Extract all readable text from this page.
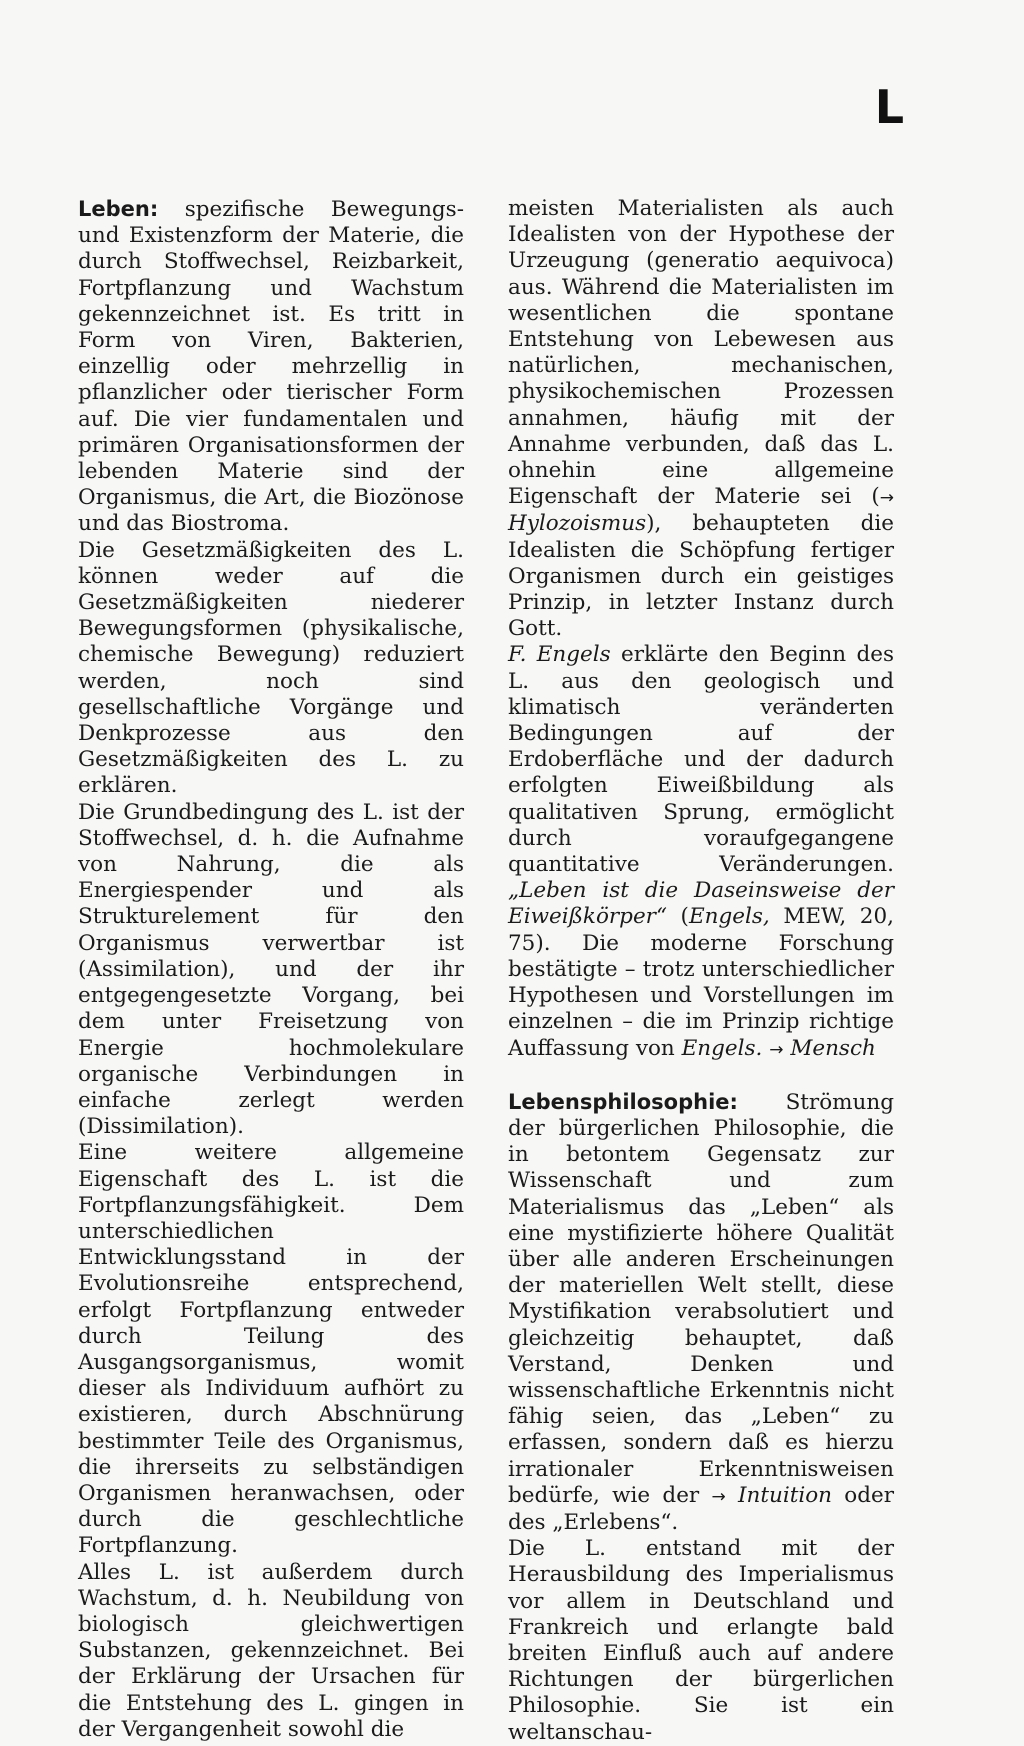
L

Leben: spezifische Bewegungs- und Existenzform der Materie, die durch Stoffwechsel, Reizbarkeit, Fortpflanzung und Wachstum gekennzeichnet ist. Es tritt in Form von Viren, Bakterien, einzellig oder mehrzellig in pflanzlicher oder tierischer Form auf. Die vier fundamentalen und primären Organisationsformen der lebenden Materie sind der Organismus, die Art, die Biozönose und das Biostroma.

Die Gesetzmäßigkeiten des L. können weder auf die Gesetzmäßigkeiten niederer Bewegungsformen (physikalische, chemische Bewegung) reduziert werden, noch sind gesellschaftliche Vorgänge und Denkprozesse aus den Gesetzmäßigkeiten des L. zu erklären.

Die Grundbedingung des L. ist der Stoffwechsel, d. h. die Aufnahme von Nahrung, die als Energiespender und als Strukturelement für den Organismus verwertbar ist (Assimilation), und der ihr entgegengesetzte Vorgang, bei dem unter Freisetzung von Energie hochmolekulare organische Verbindungen in einfache zerlegt werden (Dissimilation).

Eine weitere allgemeine Eigenschaft des L. ist die Fortpflanzungsfähigkeit. Dem unterschiedlichen Entwicklungsstand in der Evolutionsreihe entsprechend, erfolgt Fortpflanzung entweder durch Teilung des Ausgangsorganismus, womit dieser als Individuum aufhört zu existieren, durch Abschnürung bestimmter Teile des Organismus, die ihrerseits zu selbständigen Organismen heranwachsen, oder durch die geschlechtliche Fortpflanzung.

Alles L. ist außerdem durch Wachstum, d. h. Neubildung von biologisch gleichwertigen Substanzen, gekennzeichnet. Bei der Erklärung der Ursachen für die Entstehung des L. gingen in der Vergangenheit sowohl die

meisten Materialisten als auch Idealisten von der Hypothese der Urzeugung (generatio aequivoca) aus. Während die Materialisten im wesentlichen die spontane Entstehung von Lebewesen aus natürlichen, mechanischen, physikochemischen Prozessen annahmen, häufig mit der Annahme verbunden, daß das L. ohnehin eine allgemeine Eigenschaft der Materie sei (→ Hylozoismus), behaupteten die Idealisten die Schöpfung fertiger Organismen durch ein geistiges Prinzip, in letzter Instanz durch Gott.

F. Engels erklärte den Beginn des L. aus den geologisch und klimatisch veränderten Bedingungen auf der Erdoberfläche und der dadurch erfolgten Eiweißbildung als qualitativen Sprung, ermöglicht durch voraufgegangene quantitative Veränderungen. „Leben ist die Daseinsweise der Eiweißkörper“ (Engels, MEW, 20, 75). Die moderne Forschung bestätigte – trotz unterschiedlicher Hypothesen und Vorstellungen im einzelnen – die im Prinzip richtige Auffassung von Engels. → Mensch

Lebensphilosophie: Strömung der bürgerlichen Philosophie, die in betontem Gegensatz zur Wissenschaft und zum Materialismus das „Leben“ als eine mystifizierte höhere Qualität über alle anderen Erscheinungen der materiellen Welt stellt, diese Mystifikation verabsolutiert und gleichzeitig behauptet, daß Verstand, Denken und wissenschaftliche Erkenntnis nicht fähig seien, das „Leben“ zu erfassen, sondern daß es hierzu irrationaler Erkenntnisweisen bedürfe, wie der → Intuition oder des „Erlebens“.

Die L. entstand mit der Herausbildung des Imperialismus vor allem in Deutschland und Frankreich und erlangte bald breiten Einfluß auch auf andere Richtungen der bürgerlichen Philosophie. Sie ist ein weltanschau-
